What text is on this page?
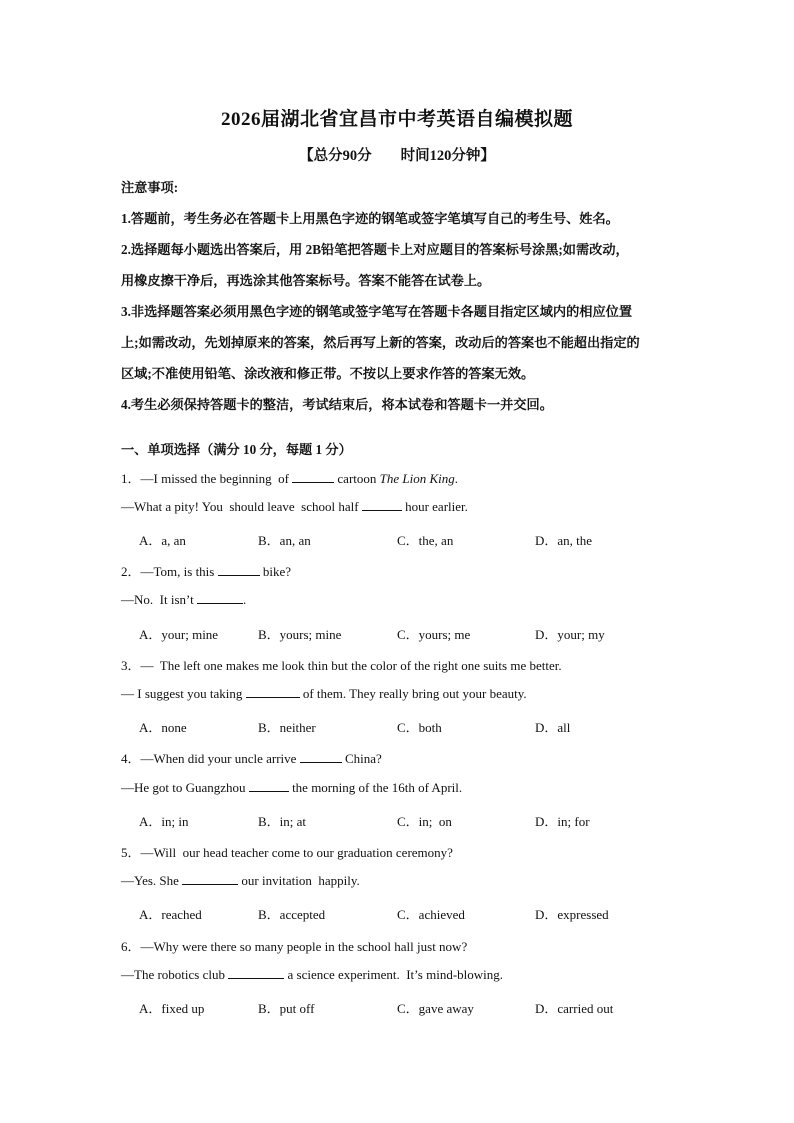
2026届湖北省宜昌市中考英语自编模拟题
【总分90分        时间120分钟】

注意事项:

1.答题前，考生务必在答题卡上用黑色字迹的钢笔或签字笔填写自己的考生号、姓名。

2.选择题每小题选出答案后，用 2B铅笔把答题卡上对应题目的答案标号涂黑;如需改动，

用橡皮擦干净后，再选涂其他答案标号。答案不能答在试卷上。

3.非选择题答案必须用黑色字迹的钢笔或签字笔写在答题卡各题目指定区域内的相应位置

上;如需改动，先划掉原来的答案，然后再写上新的答案，改动后的答案也不能超出指定的

区域;不准使用铅笔、涂改液和修正带。不按以上要求作答的答案无效。

4.考生必须保持答题卡的整洁，考试结束后，将本试卷和答题卡一并交回。

一、单项选择（满分 10 分，每题 1 分）
1．—I missed the beginning  of	cartoon The Lion King.
—What a pity! You  should leave  school half	hour earlier.
A．a, an	B．an, an	C．the, an	D．an, the
2．—Tom, is this	bike?
—No.  It isn’t	.
A．your; mine	B．yours; mine	C．yours; me	D．your; my
3．—  The left one makes me look thin but the color of the right one suits me better.
— I suggest you taking	of them. They really bring out your beauty.
A．none	B．neither	C．both	D．all
4．—When did your uncle arrive	China?
—He got to Guangzhou	the morning of the 16th of April.
A．in; in	B．in; at	C．in;  on	D．in; for
5．—Will  our head teacher come to our graduation ceremony?
—Yes. She	our invitation  happily.
A．reached	B．accepted	C．achieved	D．expressed
6．—Why were there so many people in the school hall just now?
—The robotics club	a science experiment.  It’s mind-blowing.
A．fixed up	B．put off	C．gave away	D．carried out
